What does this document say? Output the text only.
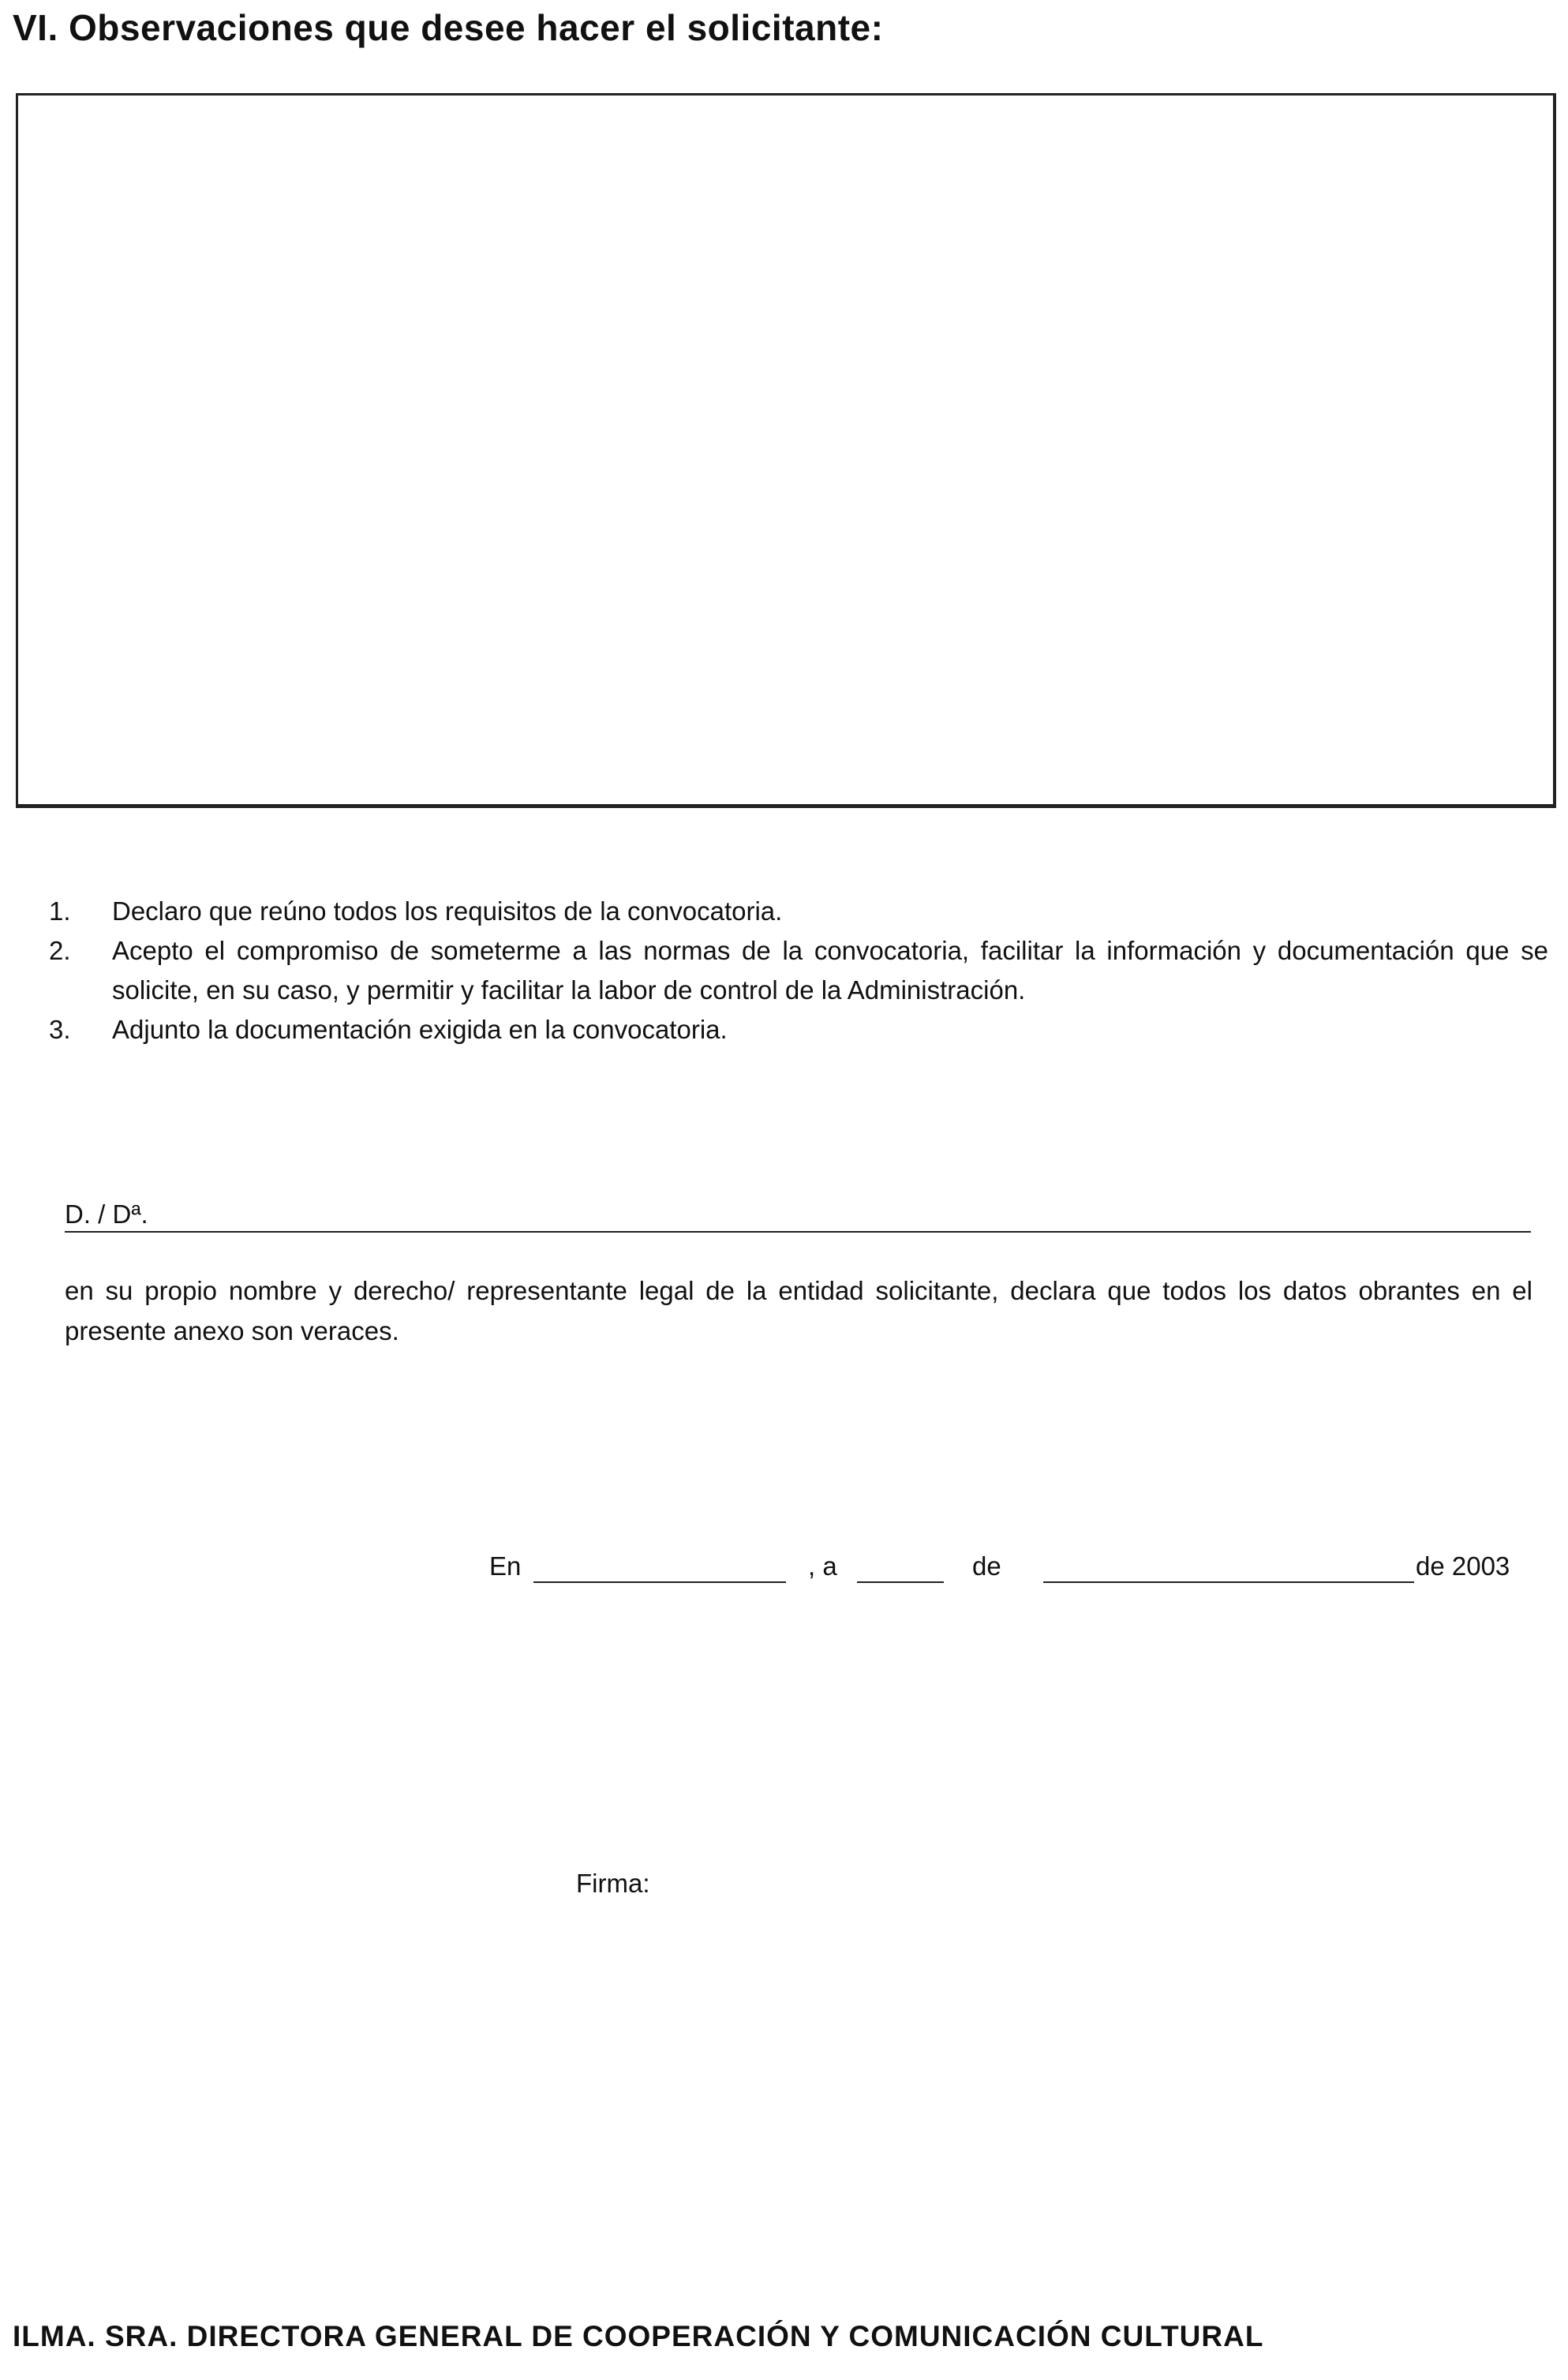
VI. Observaciones que desee hacer el solicitante:
1. Declaro que reúno todos los requisitos de la convocatoria.
2. Acepto el compromiso de someterme a las normas de la convocatoria, facilitar la información y documentación que se solicite, en su caso, y permitir y facilitar la labor de control de la Administración.
3. Adjunto la documentación exigida en la convocatoria.
D. / Dª.
en su propio nombre y derecho/ representante legal de la entidad solicitante, declara que todos los datos obrantes en el presente anexo son veraces.
En	, a	de	de 2003
Firma:
ILMA. SRA. DIRECTORA GENERAL DE COOPERACIÓN Y COMUNICACIÓN CULTURAL
